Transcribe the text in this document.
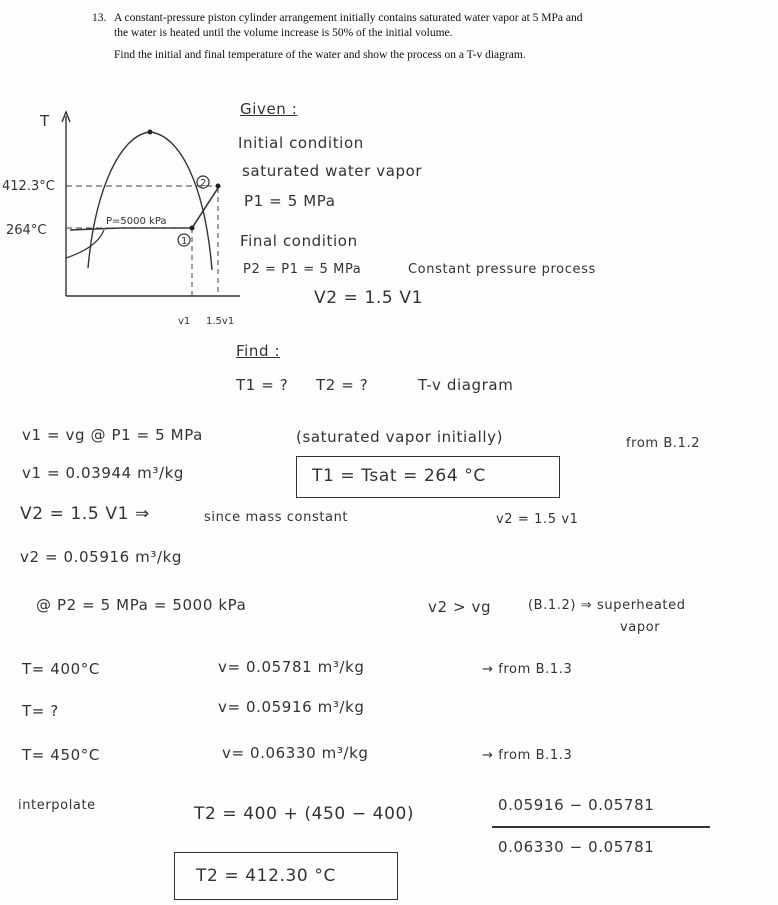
13. A constant-pressure piston cylinder arrangement initially contains saturated water vapor at 5 MPa and
the water is heated until the volume increase is 50% of the initial volume.
Find the initial and final temperature of the water and show the process on a T-v diagram.
T
P=5000 kPa
1
2
412.3°C
264°C
v1 1.5v1
Given :
Initial condition
saturated water vapor
P1 = 5 MPa
Final condition
P2 = P1 = 5 MPa	Constant pressure process
V2 = 1.5 V1
Find :
T1 = ? T2 = ?	T-v diagram
v1 = vg @ P1 = 5 MPa	(saturated vapor initially)	from B.1.2
v1 = 0.03944 m³/kg	T1 = Tsat = 264 °C
V2 = 1.5 V1 ⇒	since mass constant	v2 = 1.5 v1
v2 = 0.05916 m³/kg
@ P2 = 5 MPa = 5000 kPa	v2 > vg	(B.1.2) ⇒ superheated
vapor
T= 400°C	v= 0.05781 m³/kg	→ from B.1.3
T= ?	v= 0.05916 m³/kg
T= 450°C	v= 0.06330 m³/kg	→ from B.1.3
interpolate	T2 = 400 + (450 − 400)	0.05916 − 0.05781
0.06330 − 0.05781
T2 = 412.30 °C
